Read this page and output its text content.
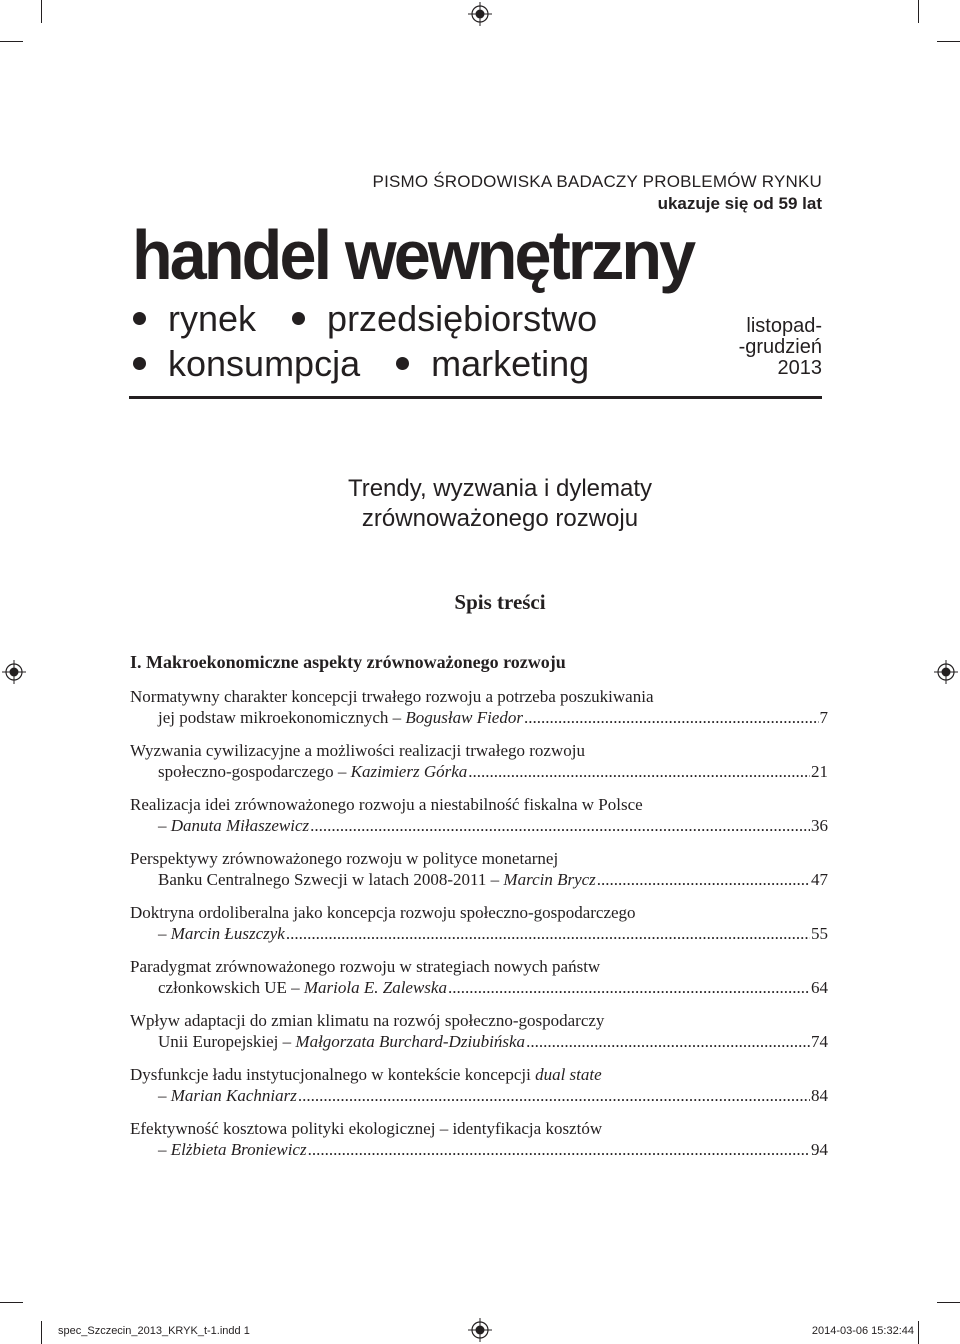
PISMO ŚRODOWISKA BADACZY PROBLEMÓW RYNKU
ukazuje się od 59 lat
handel wewnętrzny
rynek przedsiębiorstwo
konsumpcja marketing
listopad-
-grudzień
2013
Trendy, wyzwania i dylematy
zrównoważonego rozwoju
Spis treści
I. Makroekonomiczne aspekty zrównoważonego rozwoju
Normatywny charakter koncepcji trwałego rozwoju a potrzeba poszukiwania
jej podstaw mikroekonomicznych – Bogusław Fiedor .....	7
Wyzwania cywilizacyjne a możliwości realizacji trwałego rozwoju
społeczno-gospodarczego – Kazimierz Górka .....	21
Realizacja idei zrównoważonego rozwoju a niestabilność fiskalna w Polsce
– Danuta Miłaszewicz .....	36
Perspektywy zrównoważonego rozwoju w polityce monetarnej
Banku Centralnego Szwecji w latach 2008-2011 – Marcin Brycz .....	47
Doktryna ordoliberalna jako koncepcja rozwoju społeczno-gospodarczego
– Marcin Łuszczyk .....	55
Paradygmat zrównoważonego rozwoju w strategiach nowych państw
członkowskich UE – Mariola E. Zalewska .....	64
Wpływ adaptacji do zmian klimatu na rozwój społeczno-gospodarczy
Unii Europejskiej – Małgorzata Burchard-Dziubińska .....	74
Dysfunkcje ładu instytucjonalnego w kontekście koncepcji dual state
– Marian Kachniarz .....	84
Efektywność kosztowa polityki ekologicznej – identyfikacja kosztów
– Elżbieta Broniewicz .....	94
spec_Szczecin_2013_KRYK_t-1.indd 1	2014-03-06 15:32:44
